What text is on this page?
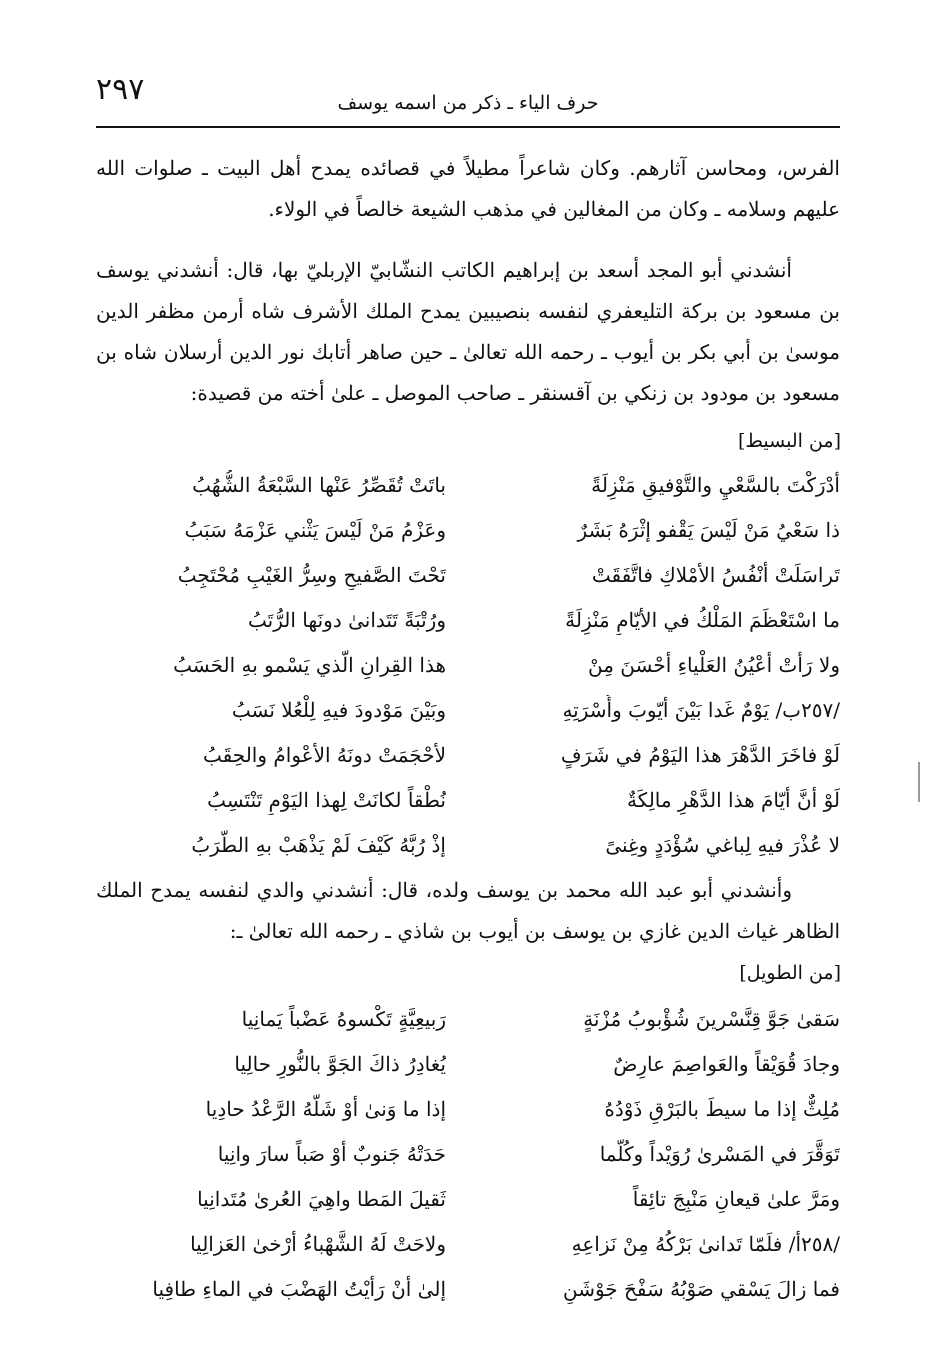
٢٩٧	حرف الياء ـ ذكر من اسمه يوسف

الفرس، ومحاسن آثارهم. وكان شاعراً مطيلاً في قصائده يمدح أهل البيت ـ صلوات الله عليهم وسلامه ـ وكان من المغالين في مذهب الشيعة خالصاً في الولاء.

أنشدني أبو المجد أسعد بن إبراهيم الكاتب النشّابيّ الإربليّ بها، قال: أنشدني يوسف بن مسعود بن بركة التليعفري لنفسه بنصيبين يمدح الملك الأشرف شاه أرمن مظفر الدين موسىٰ بن أبي بكر بن أيوب ـ رحمه الله تعالىٰ ـ حين صاهر أتابك نور الدين أرسلان شاه بن مسعود بن مودود بن زنكي بن آقسنقر ـ صاحب الموصل ـ علىٰ أخته من قصيدة:

[من البسيط]
أدْرَكْتَ بالسَّعْيِ والتَّوْفيقِ مَنْزِلَةً
باتَتْ تُقَصِّرُ عَنْها السَّبْعَةُ الشُّهُبُ
ذا سَعْيُ مَنْ لَيْسَ يَقْفو إثْرَهُ بَشَرٌ
وعَزْمُ مَنْ لَيْسَ يَثْني عَزْمَهُ سَبَبُ
تَراسَلَتْ أنْفُسُ الأمْلاكِ فاتَّفَقَتْ
تَحْتَ الصَّفيحِ وسِرُّ الغَيْبِ مُحْتَجِبُ
ما اسْتَعْظَمَ المَلْكُ في الأيّامِ مَنْزِلَةً
ورُتْبَةً تَتَدانىٰ دونَها الرُّتَبُ
ولا رَأتْ أعْيُنُ العَلْياءِ أحْسَنَ مِنْ
هذا القِرانِ الَّذي يَسْمو بهِ الحَسَبُ
/٢٥٧ب/ يَوْمٌ غَدا بَيْنَ أيّوبَ وأُسْرَتِهِ
وبَيْنَ مَوْدودَ فيهِ لِلْعُلا نَسَبُ
لَوْ فاخَرَ الدَّهْرَ هذا اليَوْمُ في شَرَفٍ
لأحْجَمَتْ دونَهُ الأعْوامُ والحِقَبُ
لَوْ أنَّ أيّامَ هذا الدَّهْرِ مالِكَةٌ
نُطْقاً لكانَتْ لِهذا اليَوْمِ تَنْتَسِبُ
لا عُذْرَ فيهِ لِباغي سُؤْدَدٍ وغِنىً
إذْ رُبَّهُ كَيْفَ لَمْ يَذْهَبْ بهِ الطَّرَبُ

وأنشدني أبو عبد الله محمد بن يوسف ولده، قال: أنشدني والدي لنفسه يمدح الملك الظاهر غياث الدين غازي بن يوسف بن أيوب بن شاذي ـ رحمه الله تعالىٰ ـ:

[من الطويل]
سَقىٰ جَوَّ قِنَّسْرينَ شُؤْبوبُ مُزْنَةٍ
رَبيعِيَّةٍ تَكْسوهُ عَضْباً يَمانِيا
وجادَ قُوَيْقاً والعَواصِمَ عارِضٌ
يُغادِرُ ذاكَ الجَوَّ بالنُّورِ حالِيا
مُلِثٌّ إذا ما سيطَ بالبَرْقِ ذَوْدُهُ
إذا ما وَنىٰ أوْ شَلَّهُ الرَّعْدُ حادِيا
تَوَقَّرَ في المَسْرىٰ رُوَيْداً وكُلَّما
حَدَتْهُ جَنوبٌ أوْ صَباً سارَ وانِيا
ومَرَّ علىٰ قيعانِ مَنْبِجَ تائِقاً
ثَقيلَ المَطا واهِيَ العُرىٰ مُتَدانِيا
/٢٥٨أ/ فلَمّا تَدانىٰ بَرْكُهُ مِنْ نَزاعِهِ
ولاحَتْ لَهُ الشَّهْباءُ أرْخىٰ العَزالِيا
فما زالَ يَسْقي صَوْبُهُ سَفْحَ جَوْشَنٍ
إلىٰ أنْ رَأيْتُ الهَضْبَ في الماءِ طافِيا
